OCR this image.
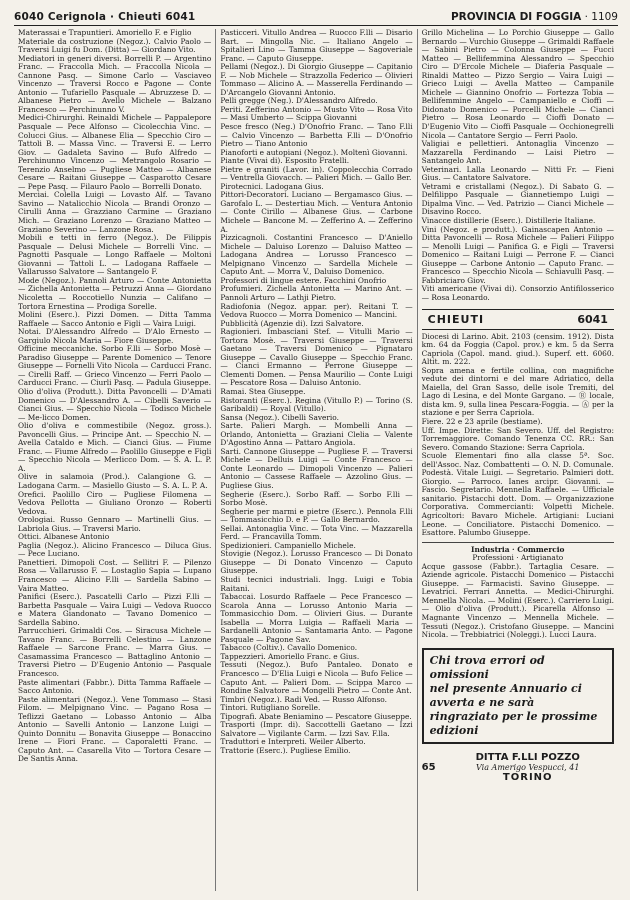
6040 Cerignola · Chieuti 6041	PROVINCIA DI FOGGIA · 1109

Materassai e Trapuntieri. Amoriello F. e Figlio

Materiale da costruzione (Negoz.). Calvio Paolo — Traversi Luigi fu Dom. (Ditta) — Giordano Vito.

Mediatori in generi diversi. Borrelli P. — Argentino Franc. — Fraccolla Mich. — Fraccolla Nicola — Cannone Pasq. — Simone Carlo — Vasciaveo Vincenzo — Traversi Rocco e Pagone — Conte Antonio — Tufariello Pasquale — Abruzzese D. — Albanese Pietro — Avello Michele — Balzano Francesco — Perchinunno V.

Medici-Chirurghi. Reinaldi Michele — Pappalepore Pasquale — Pece Alfonso — Cicolecchia Vinc. — Colucci Gius. — Albanese Elia — Specchio Ciro — Tattoli B. — Massa Vinc. — Traversi E. — Lerro Giov. — Gadaleta Savino — Bufo Alfredo — Perchinunno Vincenzo — Metrangolo Rosario — Terenzio Anselmo — Pugliese Matteo — Albanese Cesare — Raitani Giuseppe — Casparotto Cesare — Pepe Pasq. — Filauro Paolo — Borrelli Donato.

Merciai. Colella Luigi — Lovasto Alf. — Tavano Savino — Natalicchio Nicola — Brandi Oronzo — Cirulli Anna — Grazziano Carmine — Graziano Mich. — Graziano Lorenzo — Graziano Matteo — Graziano Severino — Lanzone Rosa.

Mobili e tetti in ferro (Negoz.). De Filippis Pasquale — Delusi Michele — Borrelli Vinc. — Pagnotti Pasquale — Longo Raffaele — Moltoni Giovanni — Tattoli L. — Ladogana Raffaele — Vallarusso Salvatore — Santangelo F.

Mode (Negoz.). Pannoli Arturo — Conte Antonietta — Zichella Antonietta — Petruzzi Anna — Giordano Nicoletta — Roccotiello Nunzia — Califano — Tortora Ernestina — Prodiga Sorelle.

Molini (Eserc.). Pizzi Domen. — Ditta Tamma Raffaele — Sacco Antonio e Figli — Vaira Luigi.

Notai. D'Alessandro Alfredo — D'Alo Ernesto — Gargiulo Nicola Maria — Fiore Giuseppe.

Officine meccaniche. Sorbo F.lli — Sorbo Mosè — Paradiso Giuseppe — Parente Domenico — Tenore Giuseppe — Fornelli Vito Nicola — Carducci Franc. — Cirelli Raff. — Grieco Vincenzo — Ferri Paolo — Carducci Franc. — Ciurli Pasq. — Padula Giuseppe.

Olio d'oliva (Produtt.). Ditta Pavoncelli — D'Amati Domenico — D'Alessandro A. — Cibelli Saverio — Cianci Gius. — Specchio Nicola — Todisco Michele — Me-licco Domen.

Olio d'oliva e commestibile (Negoz. gross.). Pavoncelli Gius. — Principe Ant. — Specchio N. — Avella Cataldo e Mich. — Cianci Gius. — Fiume Franc. — Fiume Alfredo — Paolillo Giuseppe e Figli — Specchio Nicola — Merlicco Dom. — S. A. L. P. A.

Olive in salamoia (Prod.). Calangione G. — Ladogana Carm. — Masiello Giusto — S. A. L. P. A.

Orefici. Paolillo Ciro — Pugliese Filomena — Vedova Pellotta — Giuliano Oronzo — Roberti Vedova.

Orologiai. Russo Gennaro — Martinelli Gius. — Labriola Gius. — Traversi Mario.

Ottici. Albanese Antonio

Paglia (Negoz.). Alicino Francesco — Diluca Gius. — Pece Luciano.

Panettieri. Dimopoli Cost. — Sellitri F. — Pilenzo Rosa — Vallarusso F. — Lostaglio Sapia — Lupano Francesco — Alicino F.lli — Sardella Sabino — Vaira Matteo.

Panifici (Eserc.). Pascatelli Carlo — Pizzi F.lli — Barbetta Pasquale — Vaira Luigi — Vedova Ruocco e Matera Giandonato — Tavano Domenico — Sardella Sabino.

Parrucchieri. Grimaldi Cos. — Siracusa Michele — Tavano Franc. — Borrelli Celestino — Lanzone Raffaele — Sarcone Franc. — Marra Gius. — Casamassima Francesco — Battaglino Antonio — Traversi Pietro — D'Eugenio Antonio — Pasquale Francesco.

Paste alimentari (Fabbr.). Ditta Tamma Raffaele — Sacco Antonio.

Paste alimentari (Negoz.). Vene Tommaso — Stasi Filom. — Melpignano Vinc. — Pagano Rosa — Teflizzi Gaetano — Lobasso Antonio — Alba Antonio — Savelli Antonio — Lanzone Luigi — Quinto Donnitu — Bonavita Giuseppe — Bonaccino Irene — Fiori Franc. — Caporaletti Franc. — Caputo Ant. — Casarella Vito — Tortora Cesare — De Santis Anna.

Pasticceri. Vitullo Andrea — Ruocco F.lli — Disario Bart. — Mingolla Nic. — Italiano Angelo — Spitalieri Lino — Tamma Giuseppe — Sagoveriale Franc. — Caputo Giuseppe.

Pellami (Negoz.). Di Giorgio Giuseppe — Capitanio F. — Nob Michele — Strazzolla Federico — Olivieri Tommaso — Alicino A. — Masserella Ferdinando — D'Arcangelo Giovanni Antonio.

Pelli gregge (Neg.). D'Alessandro Alfredo.

Periti. Zefferino Antonio — Musto Vito — Rosa Vito — Masi Umberto — Scippa Giovanni

Pesce fresco (Neg.) D'Onofrio Franc. — Tano F.lli — Calvio Vincenzo — Barbetta F.lli — D'Onofrio Pietro — Tiano Antonio

Pianoforti e autopiani (Negoz.). Moltenì Giovanni.

Piante (Vivai di). Esposito Fratelli.

Pietre e graniti (Lavor. in). Coppolecchia Corrado — Ventrella Giovacch. — Palieri Mich. — Gallo Ber.

Pirotecnici. Ladogana Gius.

Pittori-Decoratori. Luciano — Bergamasco Gius. — Garofalo L. — Destertiau Mich. — Ventura Antonio — Conte Cirillo — Albanese Gius. — Carbone Michele — Bancone M. — Zefferino A. — Zefferino A.

Pizzicagnoli. Costantini Francesco — D'Aniello Michele — Daluiso Lorenzo — Daluiso Matteo — Ladogana Andrea — Lorusso Francesco — Melpignano Vincenzo — Sardella Michele — Caputo Ant. — Morra V., Daluiso Domenico.

Professori di lingue estere. Facchini Onofrio

Profumieri. Zichella Antonietta — Marino Ant. — Pannoli Arturo — Lathji Pietro.

Radiofonia (Negoz. appar. per). Reitani T. — Vedova Ruocco — Morra Domenico — Mancini.

Pubblicità (Agenzie di). Izzi Salvatore.

Ragionieri. Imbasciani Stef. — Vitulli Mario — Tortora Mosè. — Traversi Giuseppe — Traversi Gaetano — Traversi Domenico — Pignataro Giuseppe — Cavallo Giuseppe — Specchio Franc. — Cianci Ermanno — Perrone Giuseppe — Clementi Domen. — Pensa Maurilio — Conte Luigi — Pescatore Rosa — Daluiso Antonio.

Ramai. Stea Giuseppe.

Ristoranti (Eserc.). Regina (Vitullo P.) — Torino (S. Garibaldi) — Royal (Vitullo).

Sansa (Negoz.). Cibelli Saverio.

Sarte. Palieri Margh. — Mombelli Anna — Orlando, Antonietta — Graziani Clelia — Valente D'Agostino Anna — Pattaro Angiola.

Sarti. Cannone Giuseppe — Pugliese F. — Traversi Michele — Delluis Luigi — Conte Francesco — Conte Leonardo — Dimopoli Vincenzo — Palieri Antonio — Cassese Raffaele — Azzolino Gius. — Pugliese Gius.

Segherie (Eserc.). Sorbo Raff. — Sorbo F.lli — Sorbo Mosè.

Segherie per marmi e pietre (Eserc.). Pennola F.lli — Tommasicchio D. e P. — Gallo Bernardo.

Sellai. Antonaglia Vinc. — Tota Vinc. — Mazzarella Ferd. — Francavilla Tomm.

Spedizionieri. Campaniello Michele.

Stovigie (Negoz.). Lorusso Francesco — Di Donato Giuseppe — Di Donato Vincenzo — Caputo Giuseppe.

Studi tecnici industriali. Ingg. Luigi e Tobia Raitani.

Tabaccai. Losurdo Raffaele — Pece Francesco — Scarola Anna — Lorusso Antonio Maria — Tommasicchio Dom. — Olivieri Gius. — Durante Isabella — Morra Luigia — Raffaeli Maria — Sardanelli Antonio — Santamaria Anto. — Pagone Pasquale — Pagone Sav.

Tabacco (Coltiv.). Cavallo Domenico.

Tappezzieri. Amoriello Franc. e Gius.

Tessuti (Negoz.). Bufo Pantaleo. Donato e Francesco — D'Elia Luigi e Nicola — Bufo Felice — Caputo Ant. — Palieri Dom. — Scippa Marco — Rondine Salvatore — Mongelli Pietro — Conte Ant.

Timbri (Negoz.). Radi Ved. — Russo Alfonso.

Tintori. Rutigliano Sorelle.

Tipografi. Abate Beniamino — Pescatore Giuseppe.

Trasporti (Impr. di). Saccottelli Gaetano — Izzi Salvatore — Vigilante Carm. — Izzi Sav. F.lla.

Traduttori e Interpreti. Weiler Alberto.

Trattorie (Eserc.). Pugliese Emilio.

Grillo Michelina — Lo Porchio Giuseppe — Gallo Bernardo — Vurchio Giuseppe — Grimaldi Raffaele — Sabini Pietro — Colonna Giuseppe — Fucci Matteo — Bellifemmina Alessandro — Specchio Ciro — D'Ercole Michele — Diaferia Pasquale — Rinaldi Matteo — Pizzo Sergio — Vaira Luigi — Grieco Luigi — Avella Matteo — Campanile Michele — Giannino Onofrio — Fortezza Tobia — Bellifemmine Angelo — Campaniello e Cioffi — Didonato Domenico — Porcelli Michele — Cianci Pietro — Rosa Leonardo — Cioffi Donato — D'Eugenio Vito — Cioffi Pasquale — Occhionegrelli Nicola — Cantatore Sergio — Ferri Paolo.

Valigiai e pellettieri. Antonaglia Vincenzo — Mazzarella Ferdinando — Laisi Pietro — Santangelo Ant.

Veterinari. Lalla Leonardo — Nitti Fr. — Fieni Gius. — Cantatore Salvatore.

Vetrami e cristallami (Negoz.). Di Sabato G. — Delfilippo Pasquale — Giannetiempo Luigi — Dipalma Vinc. — Ved. Patrizio — Cianci Michele — Disavino Rocco.

Vinacce distillerie (Eserc.). Distillerie Italiane.

Vini (Negoz. e produtt.). Gainascapen Antonio — Ditta Pavoncelli — Rosa Michele — Palieri Filippo — Menolli Luigi — Panifica G. e Figli — Traversi Domenico — Raitani Luigi — Perrone F. — Cianci Giuseppe — Carbone Antonio — Caputo Franc. — Francesco — Specchio Nicola — Schiavulli Pasq. — Fabbriciaro Giov.

Viti americane (Vivai di). Consorzio Antifilosserico — Rosa Leonardo.

CHIEUTI	6041

Diocesi di Larino. Abit. 2103 (censim. 1912). Dista km. 64 da Foggia (Capol. prov.) e km. 5 da Serra Capriola (Capol. mand. giud.). Superf. ett. 6060. Altit. m. 222.

Sopra amena e fertile collina, con magnifiche vedute dei dintorni e del mare Adriatico, della Maiella, del Gran Sasso, delle isole Tremiti, del Lago di Lesina, e del Monte Gargano. — Ⓡ locale, dista km. 9, sulla linea Pescara-Foggia. — Ⓐ per la stazione e per Serra Capriola.

Fiere. 22 e 23 aprile (bestiame).

Uff. Impe. Dirette: San Severo. Uff. del Registro: Torremaggiore. Comando Tenenza CC. RR.: San Severo. Comando Stazione: Serra Capriola.

Scuole Elementari fino alla classe 5ª. Soc. dell'Assoc. Naz. Combattenti — O. N. D. Comunale.

Podestà. Vitale Luigi. — Segretario. Palmieri dott. Giorgio. — Parroco. Ianes arcipr. Giovanni. — Fascio. Segretario. Mennella Raffaele. — Ufficiale sanitario. Pistacchi dott. Dom. — Organizzazione Corporativa. Commercianti: Volpetti Michele. Agricoltori: Bavaro Michele. Artigiani: Luciani Leone. — Conciliatore. Pistacchi Domenico. — Esattore. Palumbo Giuseppe.

Industria · Commercio

Professioni · Artigianato

Acque gassose (Fabbr.). Tartaglia Cesare. — Aziende agricole. Pistacchi Domenico — Pistacchi Giuseppe. — Farmacisti. Savino Giuseppe. — Levatrici. Ferrari Annetta. — Medici-Chirurghi. Mennella Nicola. — Molini (Eserc.). Carriero Luigi. — Olio d'oliva (Produtt.). Picarella Alfonso — Magnante Vincenzo — Mennella Michele. — Tessuti (Negoz.). Cristofano Giuseppe. — Mancini Nicola. — Trebbiatrici (Noleggi.). Lucci Laura.

Chi trova errori od omissioni
nel presente Annuario ci avverta e ne sarà ringraziato per le prossime edizioni
65
DITTA F.LLI POZZO
Via Amerigo Vespucci, 41
TORINO
